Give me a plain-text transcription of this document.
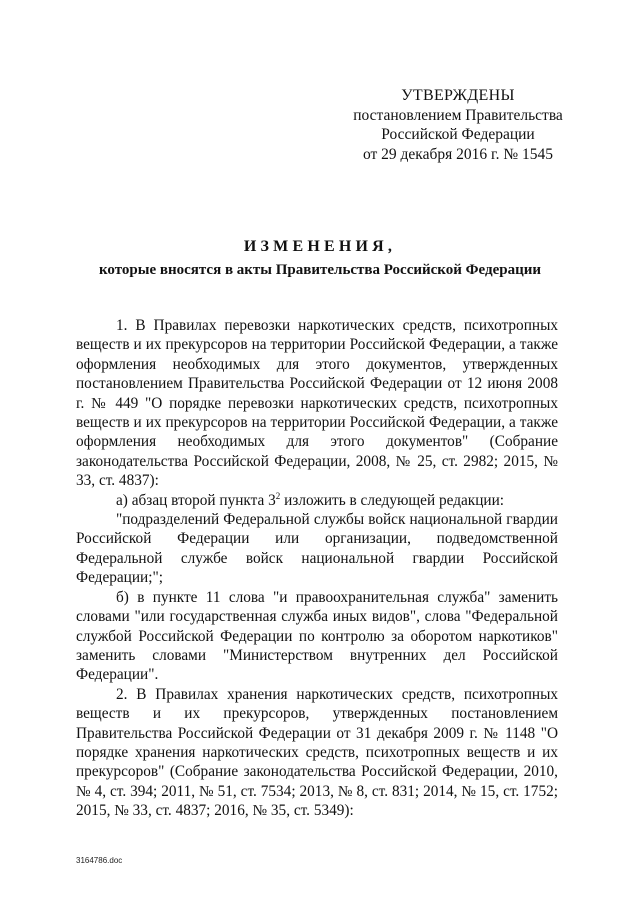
УТВЕРЖДЕНЫ
постановлением Правительства
Российской Федерации
от 29 декабря 2016 г. № 1545
ИЗМЕНЕНИЯ,
которые вносятся в акты Правительства Российской Федерации

1. В Правилах перевозки наркотических средств, психотропных веществ и их прекурсоров на территории Российской Федерации, а также оформления необходимых для этого документов, утвержденных постановлением Правительства Российской Федерации от 12 июня 2008 г. № 449 "О порядке перевозки наркотических средств, психотропных веществ и их прекурсоров на территории Российской Федерации, а также оформления необходимых для этого документов" (Собрание законодательства Российской Федерации, 2008, № 25, ст. 2982; 2015, № 33, ст. 4837):

а) абзац второй пункта $3^2$ изложить в следующей редакции:

"подразделений Федеральной службы войск национальной гвардии Российской Федерации или организации, подведомственной Федеральной службе войск национальной гвардии Российской Федерации;";

б) в пункте 11 слова "и правоохранительная служба" заменить словами "или государственная служба иных видов", слова "Федеральной службой Российской Федерации по контролю за оборотом наркотиков" заменить словами "Министерством внутренних дел Российской Федерации".

2. В Правилах хранения наркотических средств, психотропных веществ и их прекурсоров, утвержденных постановлением Правительства Российской Федерации от 31 декабря 2009 г. № 1148 "О порядке хранения наркотических средств, психотропных веществ и их прекурсоров" (Собрание законодательства Российской Федерации, 2010, № 4, ст. 394; 2011, № 51, ст. 7534; 2013, № 8, ст. 831; 2014, № 15, ст. 1752; 2015, № 33, ст. 4837; 2016, № 35, ст. 5349):

3164786.doc
